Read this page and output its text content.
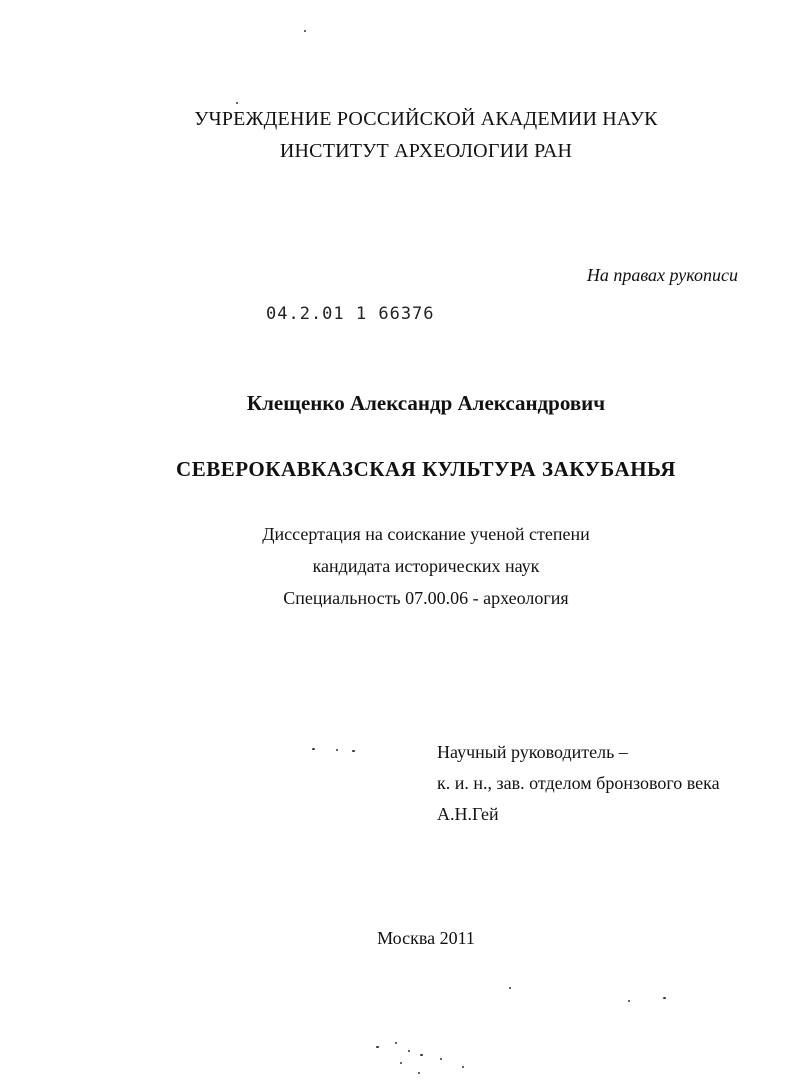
УЧРЕЖДЕНИЕ РОССИЙСКОЙ АКАДЕМИИ НАУК
ИНСТИТУТ АРХЕОЛОГИИ РАН
На правах рукописи
04.2.01 1 66376
Клещенко Александр Александрович
СЕВЕРОКАВКАЗСКАЯ КУЛЬТУРА ЗАКУБАНЬЯ
Диссертация на соискание ученой степени
кандидата исторических наук
Специальность 07.00.06 - археология
Научный руководитель –
к. и. н., зав. отделом бронзового века
А.Н.Гей
Москва 2011
